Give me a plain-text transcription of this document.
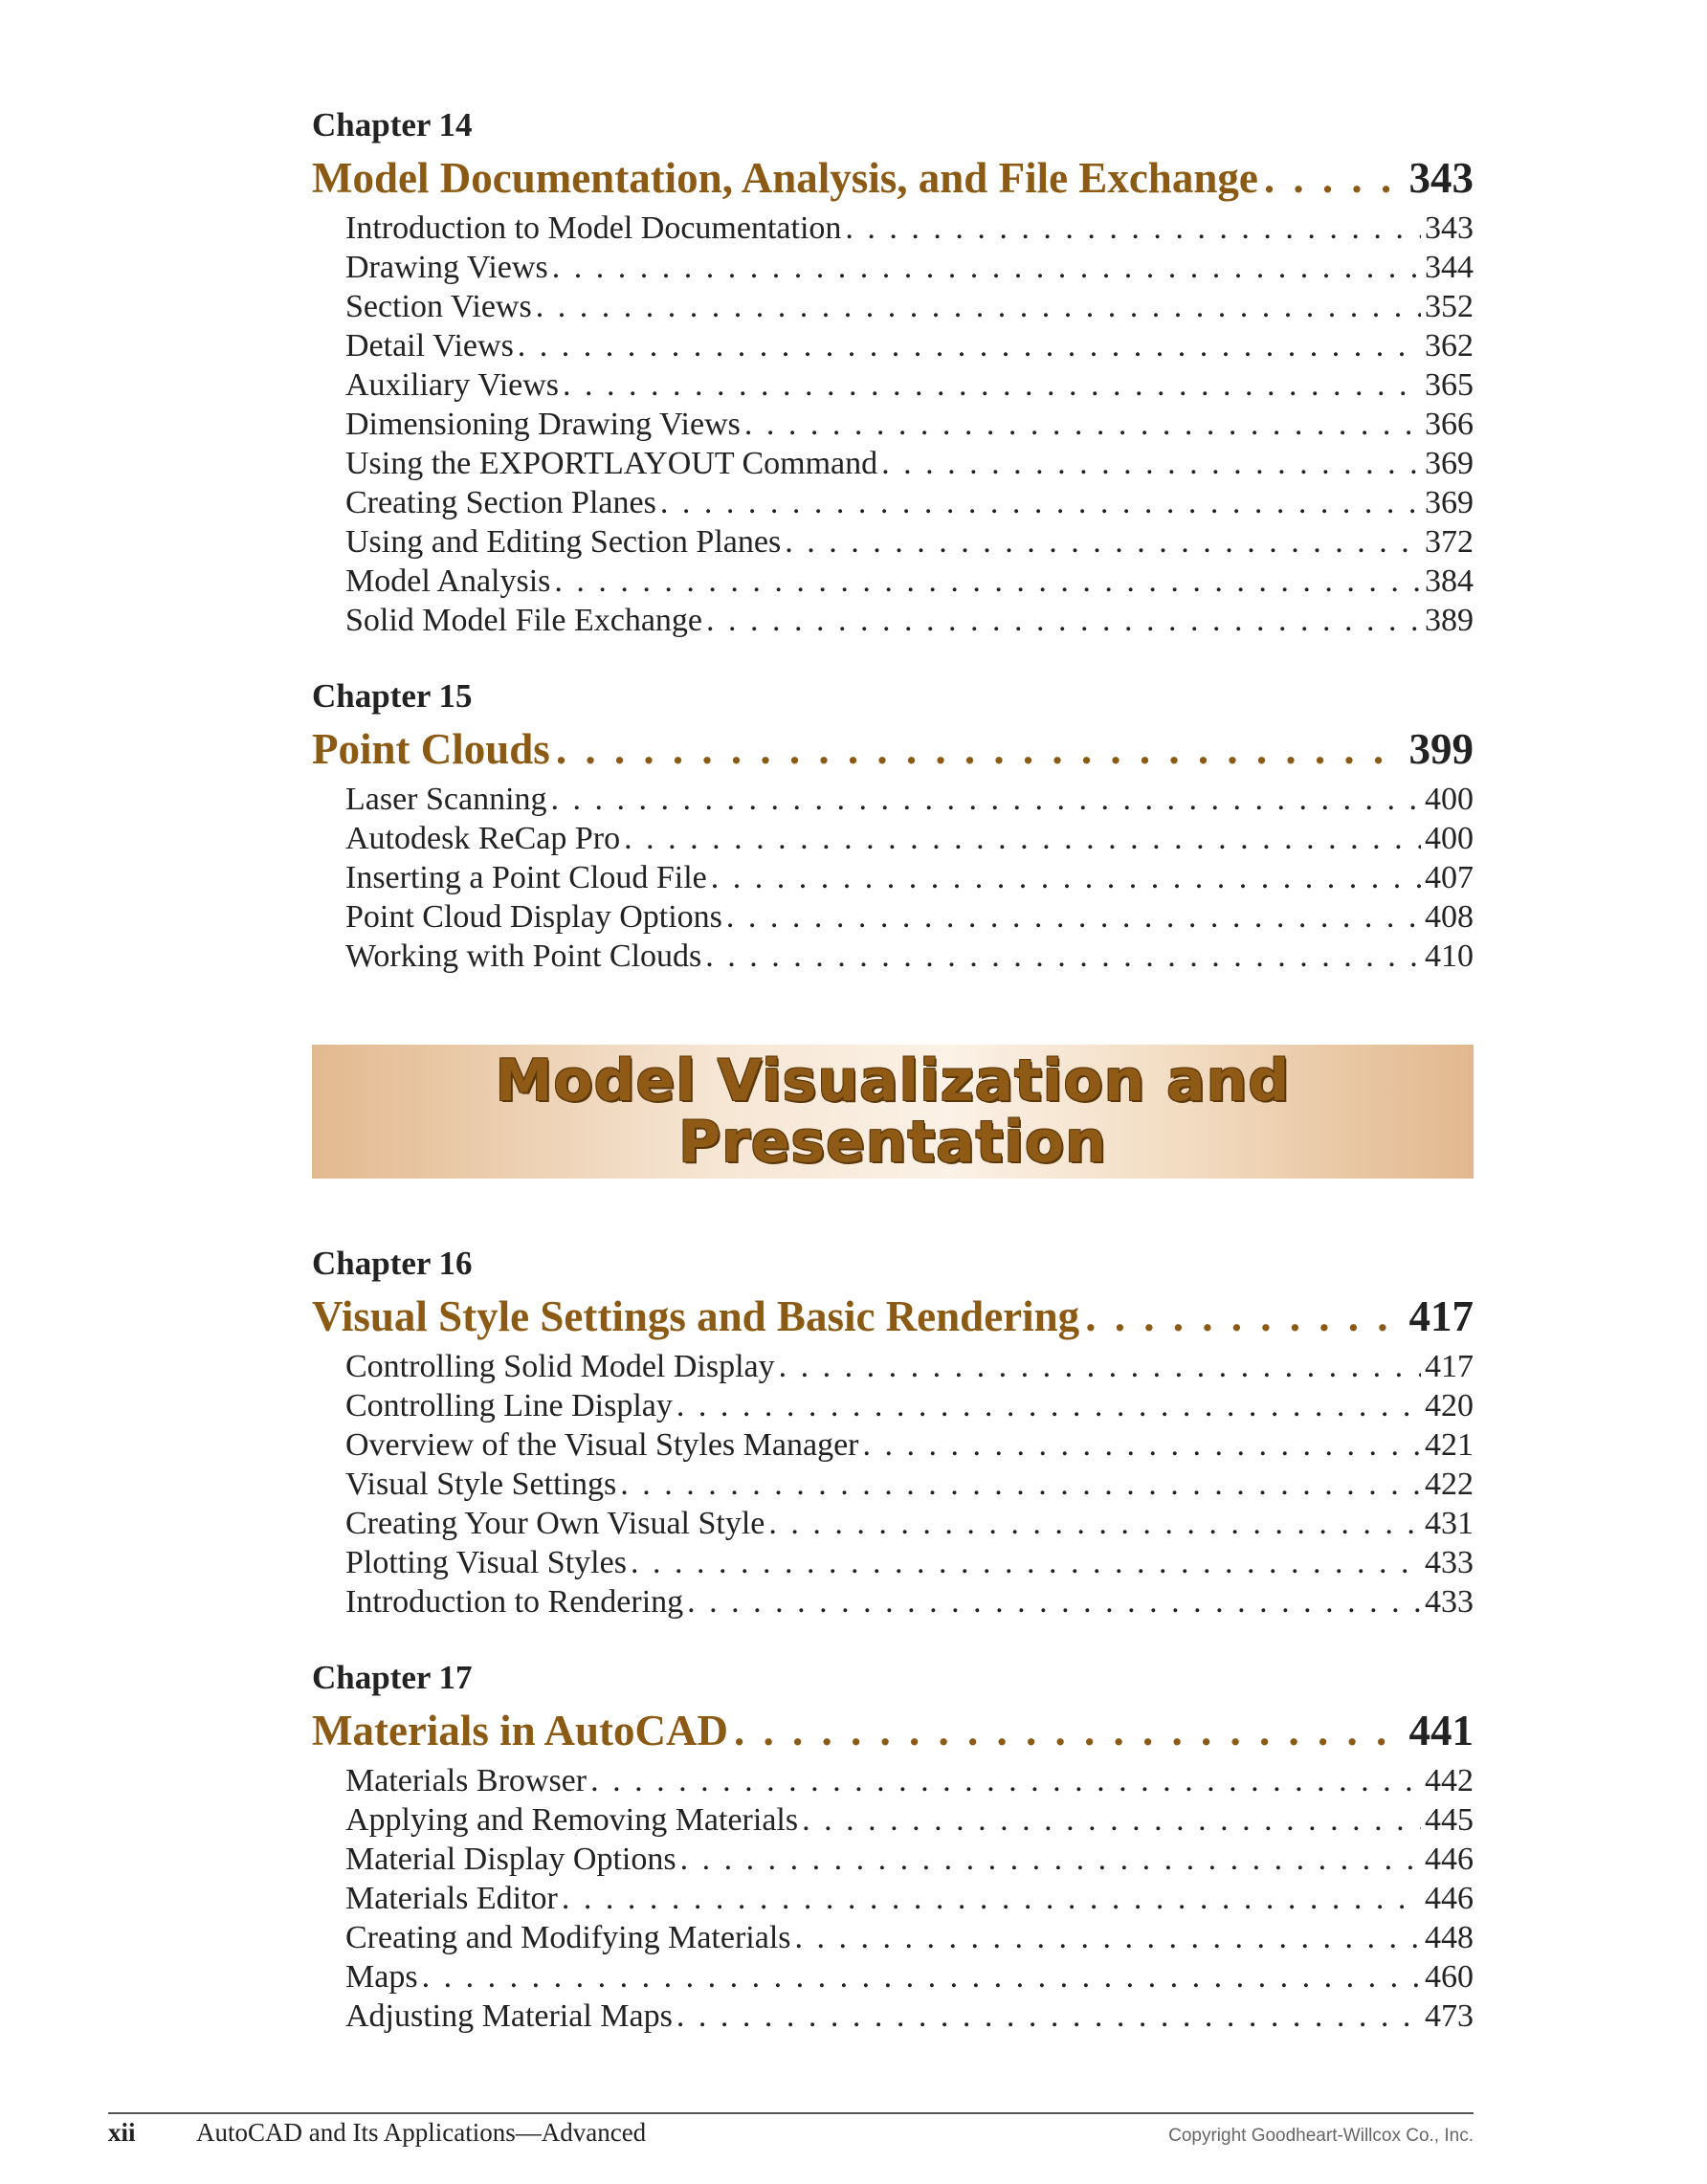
Chapter 14
Model Documentation, Analysis, and File Exchange . . .	343
Introduction to Model Documentation . . .	343
Drawing Views . . .	344
Section Views . . .	352
Detail Views . . .	362
Auxiliary Views . . .	365
Dimensioning Drawing Views . . .	366
Using the EXPORTLAYOUT Command . . .	369
Creating Section Planes . . .	369
Using and Editing Section Planes . . .	372
Model Analysis . . .	384
Solid Model File Exchange . . .	389
Chapter 15
Point Clouds . . .	399
Laser Scanning . . .	400
Autodesk ReCap Pro . . .	400
Inserting a Point Cloud File . . .	407
Point Cloud Display Options . . .	408
Working with Point Clouds . . .	410
Model Visualization and
Presentation
Chapter 16
Visual Style Settings and Basic Rendering . . .	417
Controlling Solid Model Display . . .	417
Controlling Line Display . . .	420
Overview of the Visual Styles Manager . . .	421
Visual Style Settings . . .	422
Creating Your Own Visual Style . . .	431
Plotting Visual Styles . . .	433
Introduction to Rendering . . .	433
Chapter 17
Materials in AutoCAD . . .	441
Materials Browser . . .	442
Applying and Removing Materials . . .	445
Material Display Options . . .	446
Materials Editor . . .	446
Creating and Modifying Materials . . .	448
Maps . . .	460
Adjusting Material Maps . . .	473
xii	AutoCAD and Its Applications—Advanced	Copyright Goodheart-Willcox Co., Inc.
